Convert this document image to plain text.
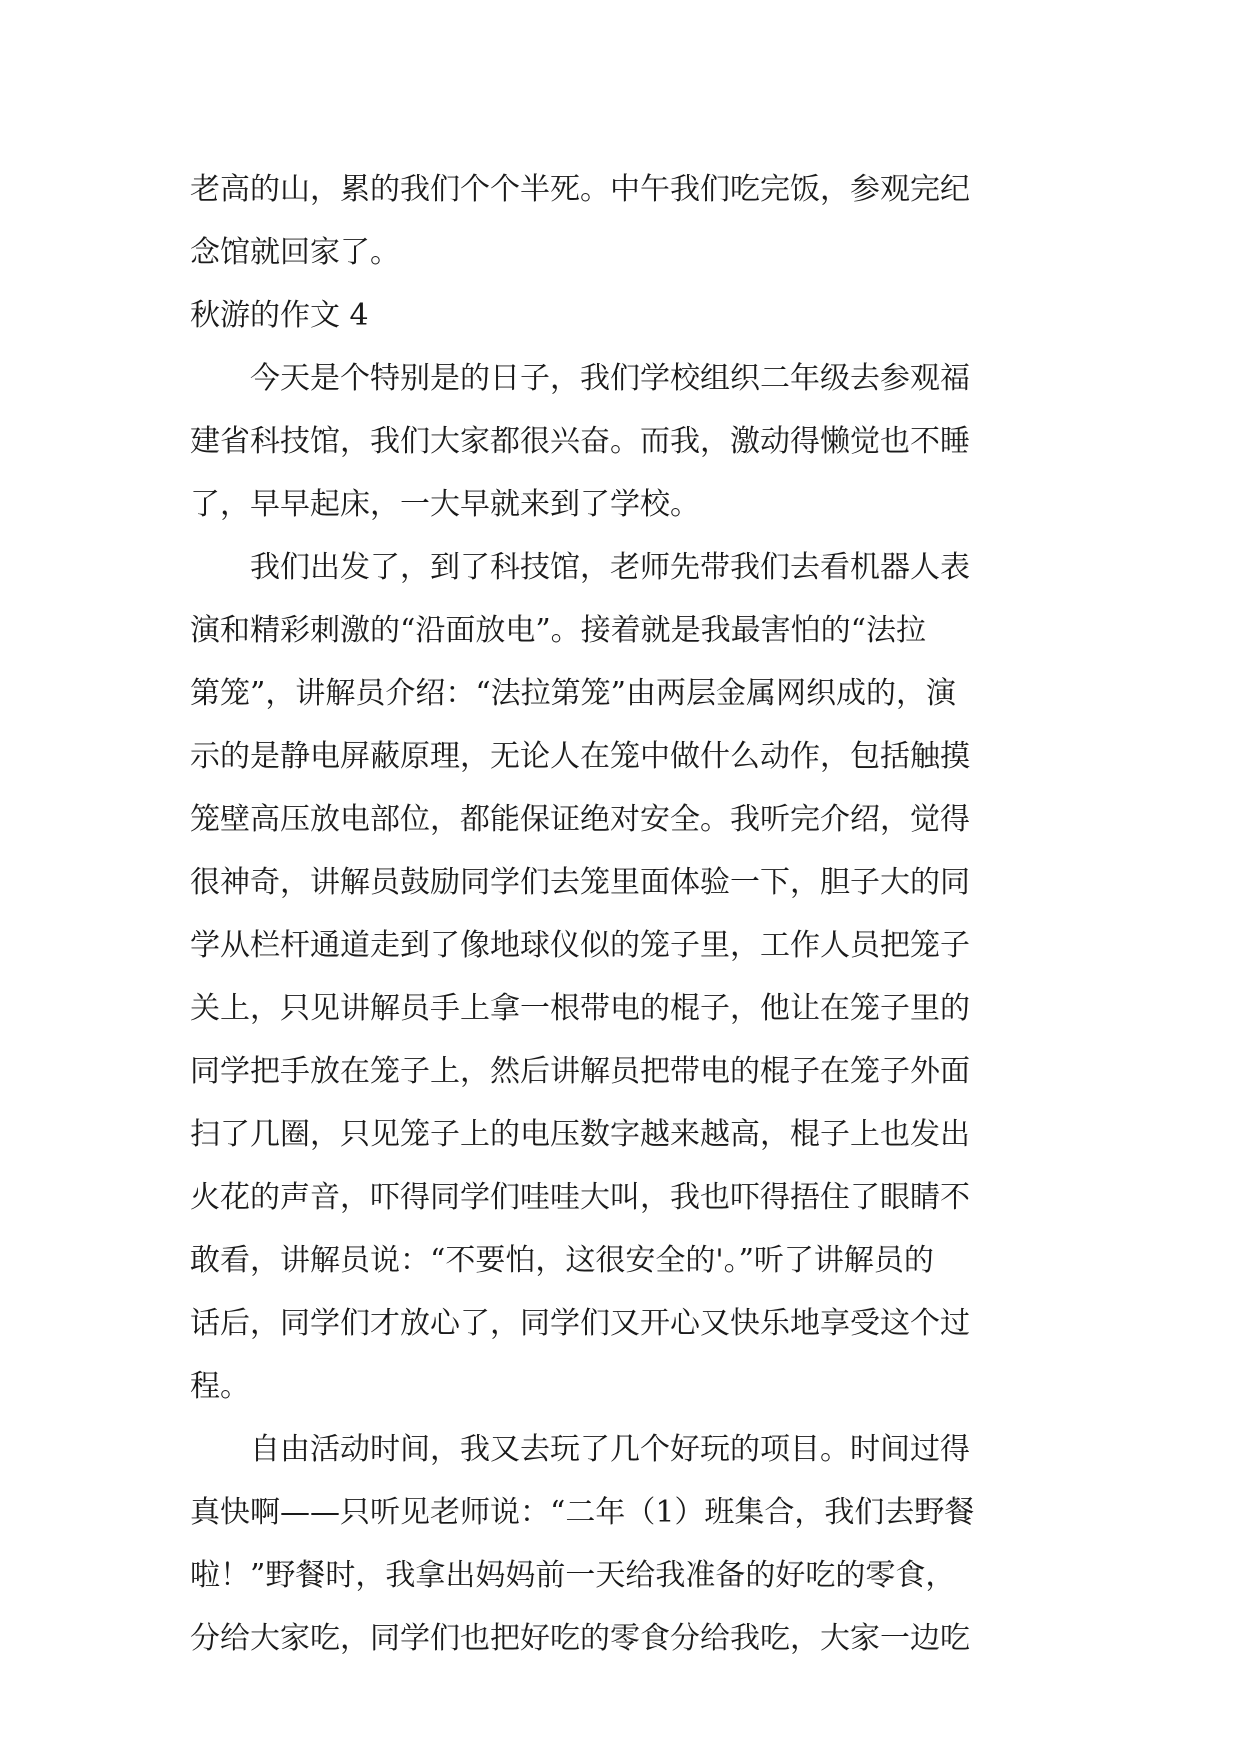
老高的山，累的我们个个半死。中午我们吃完饭，参观完纪
念馆就回家了。
秋游的作文 4
　　今天是个特别是的日子，我们学校组织二年级去参观福
建省科技馆，我们大家都很兴奋。而我，激动得懒觉也不睡
了，早早起床，一大早就来到了学校。
　　我们出发了，到了科技馆，老师先带我们去看机器人表
演和精彩刺激的“沿面放电”。接着就是我最害怕的“法拉
第笼”，讲解员介绍：“法拉第笼”由两层金属网织成的，演
示的是静电屏蔽原理，无论人在笼中做什么动作，包括触摸
笼壁高压放电部位，都能保证绝对安全。我听完介绍，觉得
很神奇，讲解员鼓励同学们去笼里面体验一下，胆子大的同
学从栏杆通道走到了像地球仪似的笼子里，工作人员把笼子
关上，只见讲解员手上拿一根带电的棍子，他让在笼子里的
同学把手放在笼子上，然后讲解员把带电的棍子在笼子外面
扫了几圈，只见笼子上的电压数字越来越高，棍子上也发出
火花的声音，吓得同学们哇哇大叫，我也吓得捂住了眼睛不
敢看，讲解员说：“不要怕，这很安全的'。”听了讲解员的
话后，同学们才放心了，同学们又开心又快乐地享受这个过
程。
　　自由活动时间，我又去玩了几个好玩的项目。时间过得
真快啊——只听见老师说：“二年（1）班集合，我们去野餐
啦！”野餐时，我拿出妈妈前一天给我准备的好吃的零食，
分给大家吃，同学们也把好吃的零食分给我吃，大家一边吃
